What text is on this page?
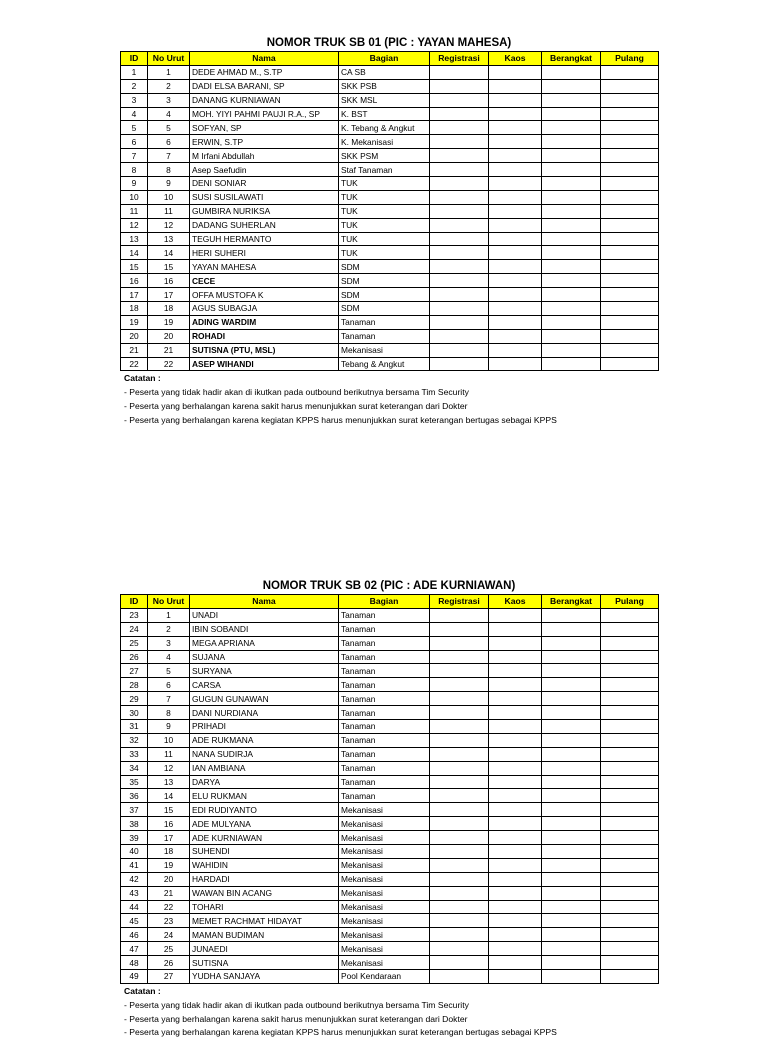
NOMOR TRUK SB 01 (PIC : YAYAN MAHESA)
ID	No Urut	Nama	Bagian	Registrasi	Kaos	Berangkat	Pulang
1	1	DEDE AHMAD M., S.TP	CA SB				
2	2	DADI ELSA BARANI, SP	SKK PSB				
3	3	DANANG KURNIAWAN	SKK MSL				
4	4	MOH. YIYI PAHMI PAUJI R.A., SP	K. BST				
5	5	SOFYAN, SP	K. Tebang & Angkut				
6	6	ERWIN, S.TP	K. Mekanisasi				
7	7	M Irfani Abdullah	SKK PSM				
8	8	Asep Saefudin	Staf Tanaman				
9	9	DENI SONIAR	TUK				
10	10	SUSI SUSILAWATI	TUK				
11	11	GUMBIRA NURIKSA	TUK				
12	12	DADANG SUHERLAN	TUK				
13	13	TEGUH HERMANTO	TUK				
14	14	HERI SUHERI	TUK				
15	15	YAYAN MAHESA	SDM				
16	16	CECE	SDM				
17	17	OFFA MUSTOFA K	SDM				
18	18	AGUS SUBAGJA	SDM				
19	19	ADING WARDIM	Tanaman				
20	20	ROHADI	Tanaman				
21	21	SUTISNA (PTU, MSL)	Mekanisasi				
22	22	ASEP WIHANDI	Tebang & Angkut				
Catatan :
- Peserta yang tidak hadir akan di ikutkan pada outbound berikutnya bersama Tim Security
- Peserta yang berhalangan karena sakit harus menunjukkan surat keterangan dari Dokter
- Peserta yang berhalangan karena kegiatan KPPS harus menunjukkan surat keterangan bertugas sebagai KPPS
NOMOR TRUK SB 02 (PIC : ADE KURNIAWAN)
ID	No Urut	Nama	Bagian	Registrasi	Kaos	Berangkat	Pulang
23	1	UNADI	Tanaman				
24	2	IBIN SOBANDI	Tanaman				
25	3	MEGA APRIANA	Tanaman				
26	4	SUJANA	Tanaman				
27	5	SURYANA	Tanaman				
28	6	CARSA	Tanaman				
29	7	GUGUN GUNAWAN	Tanaman				
30	8	DANI NURDIANA	Tanaman				
31	9	PRIHADI	Tanaman				
32	10	ADE RUKMANA	Tanaman				
33	11	NANA SUDIRJA	Tanaman				
34	12	IAN AMBIANA	Tanaman				
35	13	DARYA	Tanaman				
36	14	ELU RUKMAN	Tanaman				
37	15	EDI RUDIYANTO	Mekanisasi				
38	16	ADE MULYANA	Mekanisasi				
39	17	ADE KURNIAWAN	Mekanisasi				
40	18	SUHENDI	Mekanisasi				
41	19	WAHIDIN	Mekanisasi				
42	20	HARDADI	Mekanisasi				
43	21	WAWAN BIN ACANG	Mekanisasi				
44	22	TOHARI	Mekanisasi				
45	23	MEMET RACHMAT HIDAYAT	Mekanisasi				
46	24	MAMAN BUDIMAN	Mekanisasi				
47	25	JUNAEDI	Mekanisasi				
48	26	SUTISNA	Mekanisasi				
49	27	YUDHA SANJAYA	Pool Kendaraan				
Catatan :
- Peserta yang tidak hadir akan di ikutkan pada outbound berikutnya bersama Tim Security
- Peserta yang berhalangan karena sakit harus menunjukkan surat keterangan dari Dokter
- Peserta yang berhalangan karena kegiatan KPPS harus menunjukkan surat keterangan bertugas sebagai KPPS
